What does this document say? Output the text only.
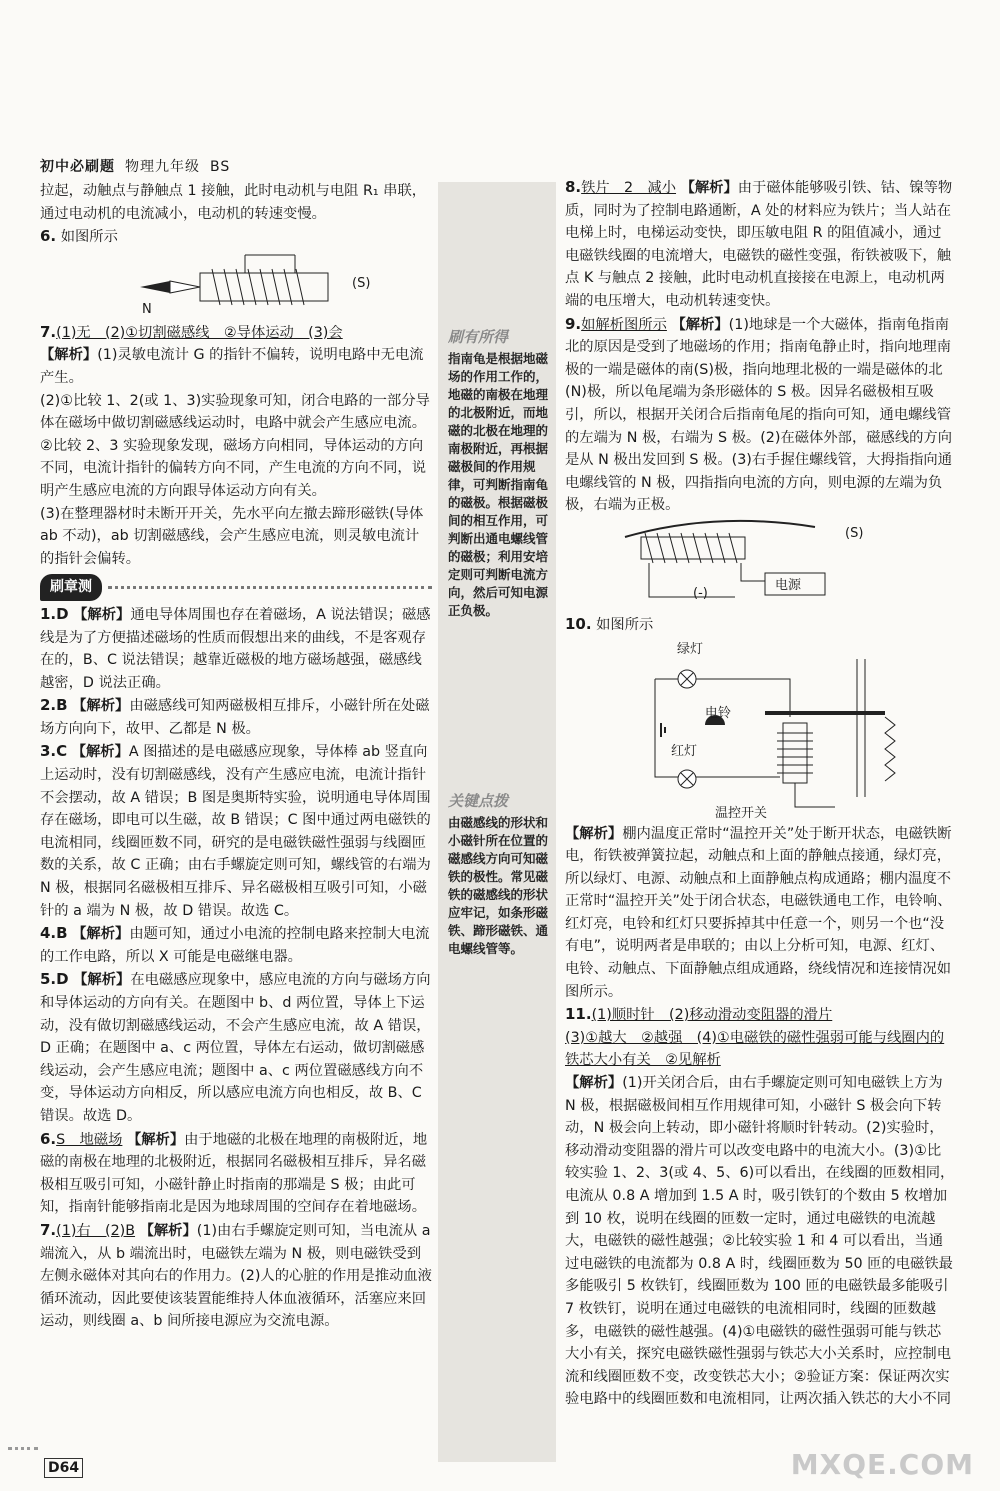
初中必刷题 物理九年级 BS
刷有所得
指南龟是根据地磁场的作用工作的，地磁的南极在地理的北极附近，而地磁的北极在地理的南极附近，再根据磁极间的作用规律，可判断指南龟的磁极。根据磁极间的相互作用，可判断出通电螺线管的磁极；利用安培定则可判断电流方向，然后可知电源正负极。
关键点拨
由磁感线的形状和小磁针所在位置的磁感线方向可知磁铁的极性。常见磁铁的磁感线的形状应牢记，如条形磁铁、蹄形磁铁、通电螺线管等。

拉起，动触点与静触点 1 接触，此时电动机与电阻 R₁ 串联，通过电动机的电流减小，电动机的转速变慢。

6. 如图所示

N
(S)

7.(1)无　(2)①切割磁感线　②导体运动　(3)会

【解析】(1)灵敏电流计 G 的指针不偏转，说明电路中无电流产生。

(2)①比较 1、2(或 1、3)实验现象可知，闭合电路的一部分导体在磁场中做切割磁感线运动时，电路中就会产生感应电流。

②比较 2、3 实验现象发现，磁场方向相同，导体运动的方向不同，电流计指针的偏转方向不同，产生电流的方向不同，说明产生感应电流的方向跟导体运动方向有关。

(3)在整理器材时未断开开关，先水平向左撤去蹄形磁铁(导体 ab 不动)，ab 切割磁感线，会产生感应电流，则灵敏电流计的指针会偏转。

刷章测

1.D 【解析】通电导体周围也存在着磁场，A 说法错误；磁感线是为了方便描述磁场的性质而假想出来的曲线，不是客观存在的，B、C 说法错误；越靠近磁极的地方磁场越强，磁感线越密，D 说法正确。

2.B 【解析】由磁感线可知两磁极相互排斥，小磁针所在处磁场方向向下，故甲、乙都是 N 极。

3.C 【解析】A 图描述的是电磁感应现象，导体棒 ab 竖直向上运动时，没有切割磁感线，没有产生感应电流，电流计指针不会摆动，故 A 错误；B 图是奥斯特实验，说明通电导体周围存在磁场，即电可以生磁，故 B 错误；C 图中通过两电磁铁的电流相同，线圈匝数不同，研究的是电磁铁磁性强弱与线圈匝数的关系，故 C 正确；由右手螺旋定则可知，螺线管的右端为 N 极，根据同名磁极相互排斥、异名磁极相互吸引可知，小磁针的 a 端为 N 极，故 D 错误。故选 C。

4.B 【解析】由题可知，通过小电流的控制电路来控制大电流的工作电路，所以 X 可能是电磁继电器。

5.D 【解析】在电磁感应现象中，感应电流的方向与磁场方向和导体运动的方向有关。在题图中 b、d 两位置，导体上下运动，没有做切割磁感线运动，不会产生感应电流，故 A 错误，D 正确；在题图中 a、c 两位置，导体左右运动，做切割磁感线运动，会产生感应电流；题图中 a、c 两位置磁感线方向不变，导体运动方向相反，所以感应电流方向也相反，故 B、C 错误。故选 D。

6.S　地磁场 【解析】由于地磁的北极在地理的南极附近，地磁的南极在地理的北极附近，根据同名磁极相互排斥，异名磁极相互吸引可知，小磁针静止时指南的那端是 S 极；由此可知，指南针能够指南北是因为地球周围的空间存在着地磁场。

7.(1)右　(2)B 【解析】(1)由右手螺旋定则可知，当电流从 a 端流入，从 b 端流出时，电磁铁左端为 N 极，则电磁铁受到左侧永磁体对其向右的作用力。(2)人的心脏的作用是推动血液循环流动，因此要使该装置能维持人体血液循环，活塞应来回运动，则线圈 a、b 间所接电源应为交流电源。

8.铁片　2　减小 【解析】由于磁体能够吸引铁、钴、镍等物质，同时为了控制电路通断，A 处的材料应为铁片；当人站在电梯上时，电梯运动变快，即压敏电阻 R 的阻值减小，通过电磁铁线圈的电流增大，电磁铁的磁性变强，衔铁被吸下，触点 K 与触点 2 接触，此时电动机直接接在电源上，电动机两端的电压增大，电动机转速变快。

9.如解析图所示 【解析】(1)地球是一个大磁体，指南龟指南北的原因是受到了地磁场的作用；指南龟静止时，指向地理南极的一端是磁体的南(S)极，指向地理北极的一端是磁体的北(N)极，所以龟尾端为条形磁体的 S 极。因异名磁极相互吸引，所以，根据开关闭合后指南龟尾的指向可知，通电螺线管的左端为 N 极，右端为 S 极。(2)在磁体外部，磁感线的方向是从 N 极出发回到 S 极。(3)右手握住螺线管，大拇指指向通电螺线管的 N 极，四指指向电流的方向，则电源的左端为负极，右端为正极。

(S)
(-)
电源

10. 如图所示

绿灯
电铃
红灯
温控开关

【解析】棚内温度正常时“温控开关”处于断开状态，电磁铁断电，衔铁被弹簧拉起，动触点和上面的静触点接通，绿灯亮，所以绿灯、电源、动触点和上面静触点构成通路；棚内温度不正常时“温控开关”处于闭合状态，电磁铁通电工作，电铃响、红灯亮，电铃和红灯只要拆掉其中任意一个，则另一个也“没有电”，说明两者是串联的；由以上分析可知，电源、红灯、电铃、动触点、下面静触点组成通路，绕线情况和连接情况如图所示。

11.(1)顺时针　(2)移动滑动变阻器的滑片

(3)①越大　②越强　(4)①电磁铁的磁性强弱可能与线圈内的铁芯大小有关　②见解析

【解析】(1)开关闭合后，由右手螺旋定则可知电磁铁上方为 N 极，根据磁极间相互作用规律可知，小磁针 S 极会向下转动，N 极会向上转动，即小磁针将顺时针转动。(2)实验时，移动滑动变阻器的滑片可以改变电路中的电流大小。(3)①比较实验 1、2、3(或 4、5、6)可以看出，在线圈的匝数相同，电流从 0.8 A 增加到 1.5 A 时，吸引铁钉的个数由 5 枚增加到 10 枚，说明在线圈的匝数一定时，通过电磁铁的电流越大，电磁铁的磁性越强；②比较实验 1 和 4 可以看出，当通过电磁铁的电流都为 0.8 A 时，线圈匝数为 50 匝的电磁铁最多能吸引 5 枚铁钉，线圈匝数为 100 匝的电磁铁最多能吸引 7 枚铁钉，说明在通过电磁铁的电流相同时，线圈的匝数越多，电磁铁的磁性越强。(4)①电磁铁的磁性强弱可能与铁芯大小有关，探究电磁铁磁性强弱与铁芯大小关系时，应控制电流和线圈匝数不变，改变铁芯大小；②验证方案：保证两次实验电路中的线圈匝数和电流相同，让两次插入铁芯的大小不同

D64	MXQE.COM
